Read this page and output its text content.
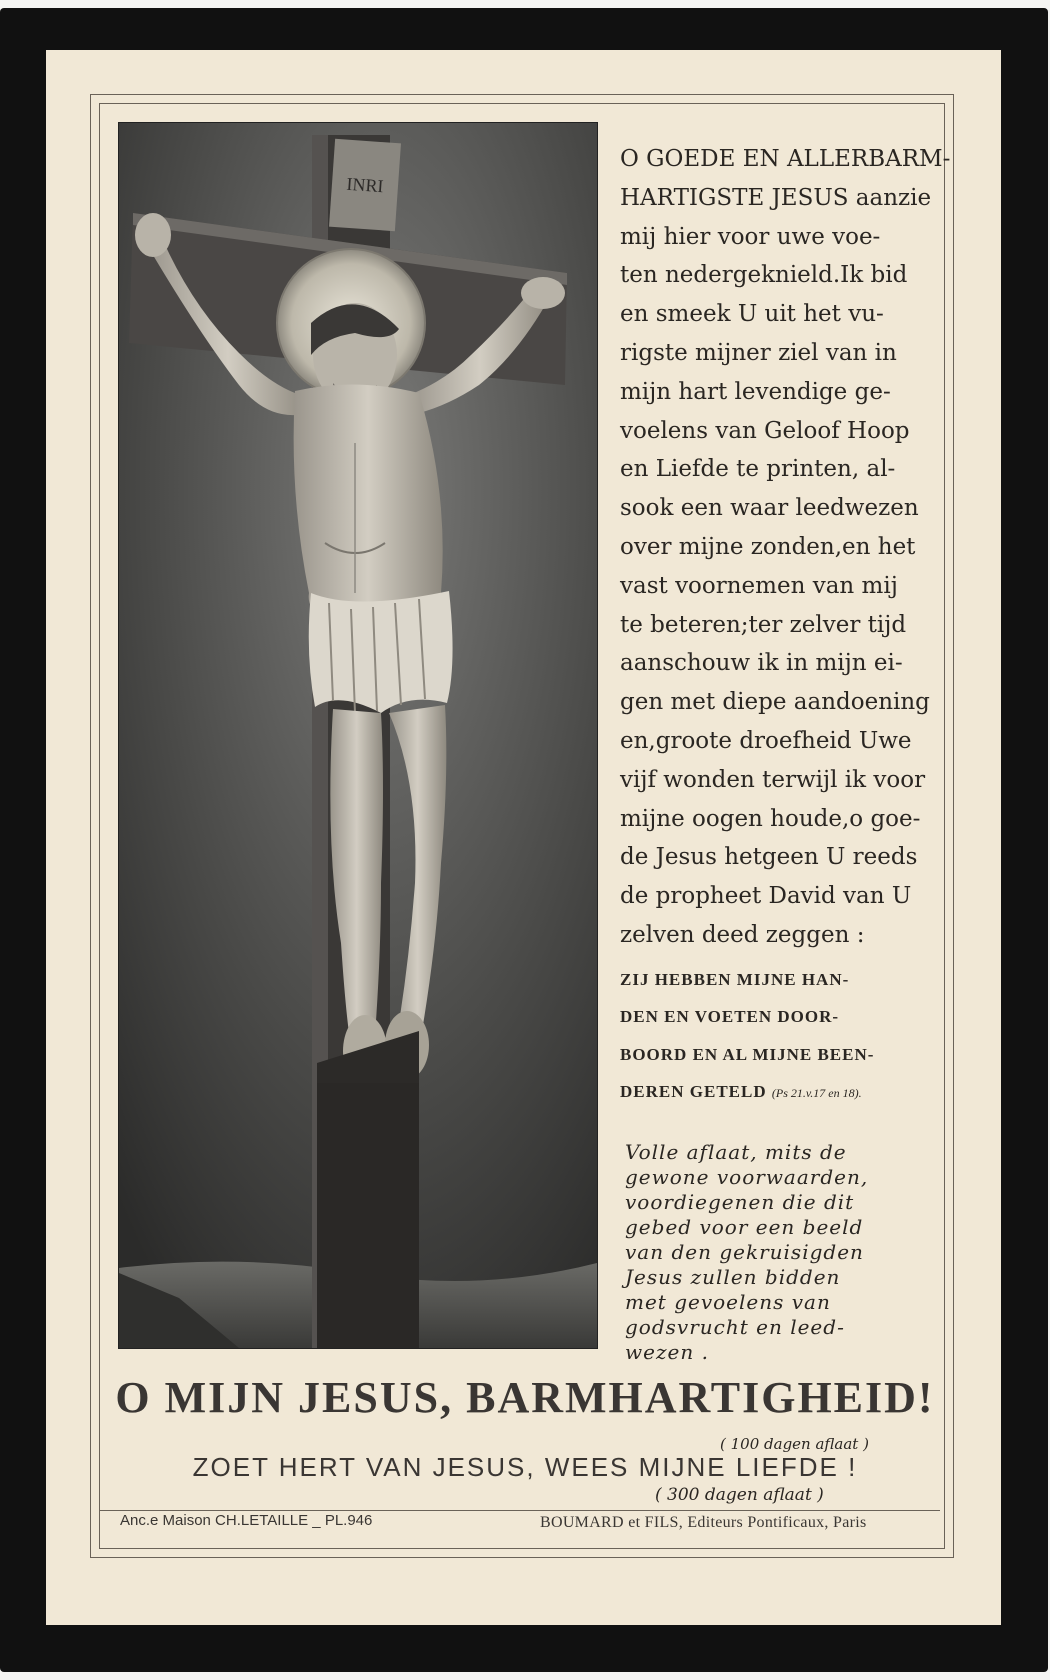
INRI

O GOEDE EN ALLERBARM-

HARTIGSTE JESUS aanzie

mij hier voor uwe voe-

ten nedergeknield.Ik bid

en smeek U uit het vu-

rigste mijner ziel van in

mijn hart levendige ge-

voelens van Geloof Hoop

en Liefde te printen, al-

sook een waar leedwezen

over mijne zonden,en het

vast voornemen van mij

te beteren;ter zelver tijd

aanschouw ik in mijn ei-

gen met diepe aandoening

en,groote droefheid Uwe

vijf wonden terwijl ik voor

mijne oogen houde,o goe-

de Jesus hetgeen U reeds

de propheet David van U

zelven deed zeggen :

ZIJ HEBBEN MIJNE HAN-

DEN EN VOETEN DOOR-

BOORD EN AL MIJNE BEEN-

DEREN GETELD (Ps 21.v.17 en 18).

Volle aflaat, mits de

gewone voorwaarden,

voordiegenen die dit

gebed voor een beeld

van den gekruisigden

Jesus zullen bidden

met gevoelens van

godsvrucht en leed-

wezen .

O MIJN JESUS, BARMHARTIGHEID!
( 100 dagen aflaat )
ZOET HERT VAN JESUS, WEES MIJNE LIEFDE !
( 300 dagen aflaat )
Anc.e Maison CH.LETAILLE _ PL.946	BOUMARD et FILS, Editeurs Pontificaux, Paris
